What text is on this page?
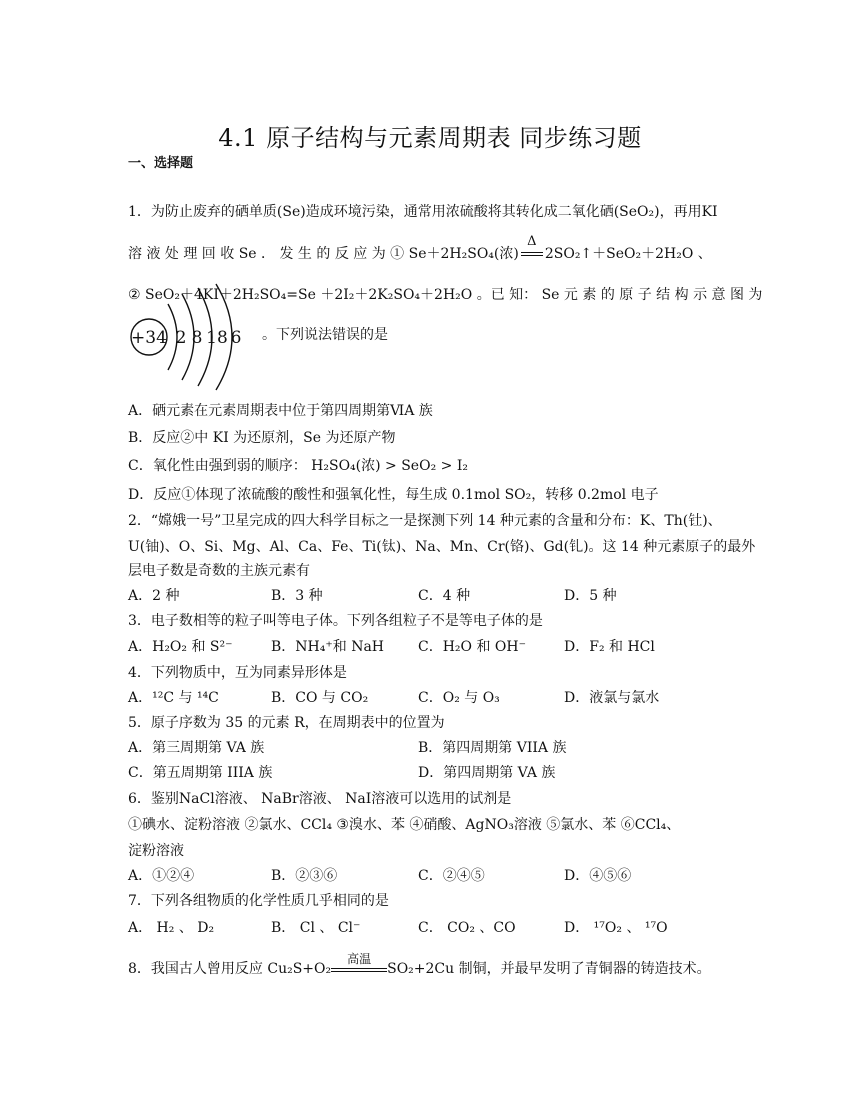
4.1 原子结构与元素周期表 同步练习题
一、选择题
1．为防止废弃的硒单质(Se)造成环境污染，通常用浓硫酸将其转化成二氧化硒(SeO₂)，再用KI
溶 液 处 理 回 收 Se ． 发 生 的 反 应 为 ① Se＋2H₂SO₄(浓)
Δ
2SO₂↑＋SeO₂＋2H₂O 、
② SeO₂＋4KI＋2H₂SO₄=Se ＋2I₂＋2K₂SO₄＋2H₂O 。已 知： Se 元 素 的 原 子 结 构 示 意 图 为
+34 2 8 18 6 。下列说法错误的是
A．硒元素在元素周期表中位于第四周期第ⅥA 族
B．反应②中 KI 为还原剂，Se 为还原产物
C．氧化性由强到弱的顺序： H₂SO₄(浓) > SeO₂ > I₂
D．反应①体现了浓硫酸的酸性和强氧化性，每生成 0.1mol SO₂，转移 0.2mol 电子
2．“嫦娥一号”卫星完成的四大科学目标之一是探测下列 14 种元素的含量和分布：K、Th(钍)、
U(铀)、O、Si、Mg、Al、Ca、Fe、Ti(钛)、Na、Mn、Cr(铬)、Gd(钆)。这 14 种元素原子的最外
层电子数是奇数的主族元素有
A．2 种	B．3 种	C．4 种	D．5 种
3．电子数相等的粒子叫等电子体。下列各组粒子不是等电子体的是
A．H₂O₂ 和 S²⁻	B．NH₄⁺和 NaH C．H₂O 和 OH⁻	D．F₂ 和 HCl
4．下列物质中，互为同素异形体是
A．¹²C 与 ¹⁴C	B．CO 与 CO₂	C．O₂ 与 O₃	D．液氯与氯水
5．原子序数为 35 的元素 R，在周期表中的位置为
A．第三周期第 VA 族	B．第四周期第 VIIA 族
C．第五周期第 IIIA 族	D．第四周期第 VA 族
6．鉴别NaCl溶液、 NaBr溶液、 NaI溶液可以选用的试剂是
①碘水、淀粉溶液 ②氯水、CCl₄ ③溴水、苯 ④硝酸、AgNO₃溶液 ⑤氯水、苯 ⑥CCl₄、
淀粉溶液
A．①②④	B．②③⑥	C．②④⑤	D．④⑤⑥
7．下列各组物质的化学性质几乎相同的是
A． H₂ 、 D₂	B． Cl 、 Cl⁻	C． CO₂ 、CO	D． ¹⁷O₂ 、 ¹⁷O
8．我国古人曾用反应 Cu₂S+O₂
高温
SO₂+2Cu 制铜，并最早发明了青铜器的铸造技术。
